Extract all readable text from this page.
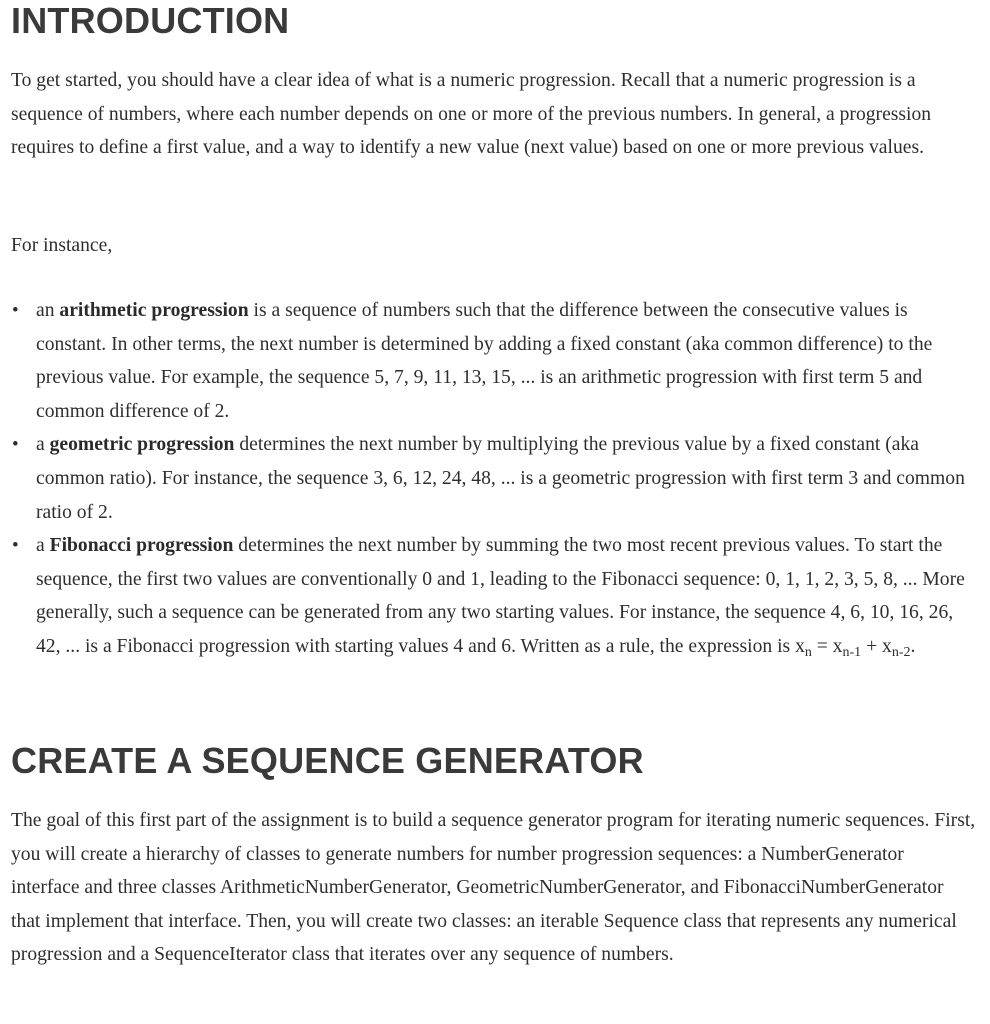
INTRODUCTION

To get started, you should have a clear idea of what is a numeric progression. Recall that a numeric progression is a sequence of numbers, where each number depends on one or more of the previous numbers. In general, a progression requires to define a first value, and a way to identify a new value (next value) based on one or more previous values.

For instance,

• an arithmetic progression is a sequence of numbers such that the difference between the consecutive values is constant. In other terms, the next number is determined by adding a fixed constant (aka common difference) to the previous value. For example, the sequence 5, 7, 9, 11, 13, 15, ... is an arithmetic progression with first term 5 and common difference of 2.
• a geometric progression determines the next number by multiplying the previous value by a fixed constant (aka common ratio). For instance, the sequence 3, 6, 12, 24, 48, ... is a geometric progression with first term 3 and common ratio of 2.
• a Fibonacci progression determines the next number by summing the two most recent previous values. To start the sequence, the first two values are conventionally 0 and 1, leading to the Fibonacci sequence: 0, 1, 1, 2, 3, 5, 8, ... More generally, such a sequence can be generated from any two starting values. For instance, the sequence 4, 6, 10, 16, 26, 42, ... is a Fibonacci progression with starting values 4 and 6. Written as a rule, the expression is $x_n = x_{n-1} + x_{n-2}$.
CREATE A SEQUENCE GENERATOR

The goal of this first part of the assignment is to build a sequence generator program for iterating numeric sequences. First, you will create a hierarchy of classes to generate numbers for number progression sequences: a NumberGenerator interface and three classes ArithmeticNumberGenerator, GeometricNumberGenerator, and FibonacciNumberGenerator that implement that interface. Then, you will create two classes: an iterable Sequence class that represents any numerical progression and a SequenceIterator class that iterates over any sequence of numbers.
